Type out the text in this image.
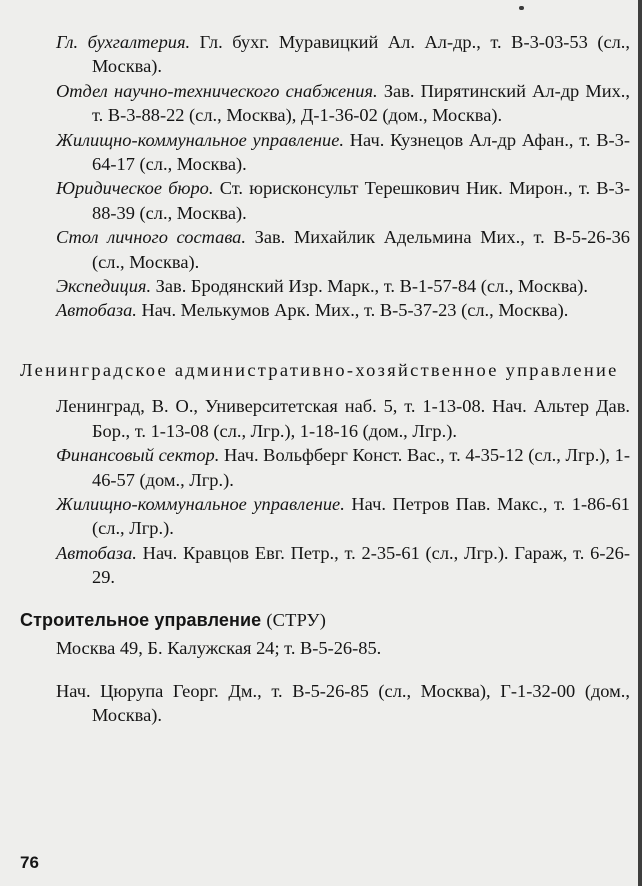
Гл. бухгалтерия. Гл. бухг. Муравицкий Ал. Ал-др., т. В-3-03-53 (сл., Москва).

Отдел научно-технического снабжения. Зав. Пирятинский Ал-др Мих., т. В-3-88-22 (сл., Москва), Д-1-36-02 (дом., Москва).

Жилищно-коммунальное управление. Нач. Кузнецов Ал-др Афан., т. В-3-64-17 (сл., Москва).

Юридическое бюро. Ст. юрисконсульт Терешкович Ник. Мирон., т. В-3-88-39 (сл., Москва).

Стол личного состава. Зав. Михайлик Адельмина Мих., т. В-5-26-36 (сл., Москва).

Экспедиция. Зав. Бродянский Изр. Марк., т. В-1-57-84 (сл., Москва).

Автобаза. Нач. Мелькумов Арк. Мих., т. В-5-37-23 (сл., Москва).

Ленинградское административно-хозяйственное управление

Ленинград, В. О., Университетская наб. 5, т. 1-13-08. Нач. Альтер Дав. Бор., т. 1-13-08 (сл., Лгр.), 1-18-16 (дом., Лгр.).

Финансовый сектор. Нач. Вольфберг Конст. Вас., т. 4-35-12 (сл., Лгр.), 1-46-57 (дом., Лгр.).

Жилищно-коммунальное управление. Нач. Петров Пав. Макс., т. 1-86-61 (сл., Лгр.).

Автобаза. Нач. Кравцов Евг. Петр., т. 2-35-61 (сл., Лгр.). Гараж, т. 6-26-29.

Строительное управление (СТРУ)

Москва 49, Б. Калужская 24; т. В-5-26-85.

Нач. Цюрупа Георг. Дм., т. В-5-26-85 (сл., Москва), Г-1-32-00 (дом., Москва).

76
